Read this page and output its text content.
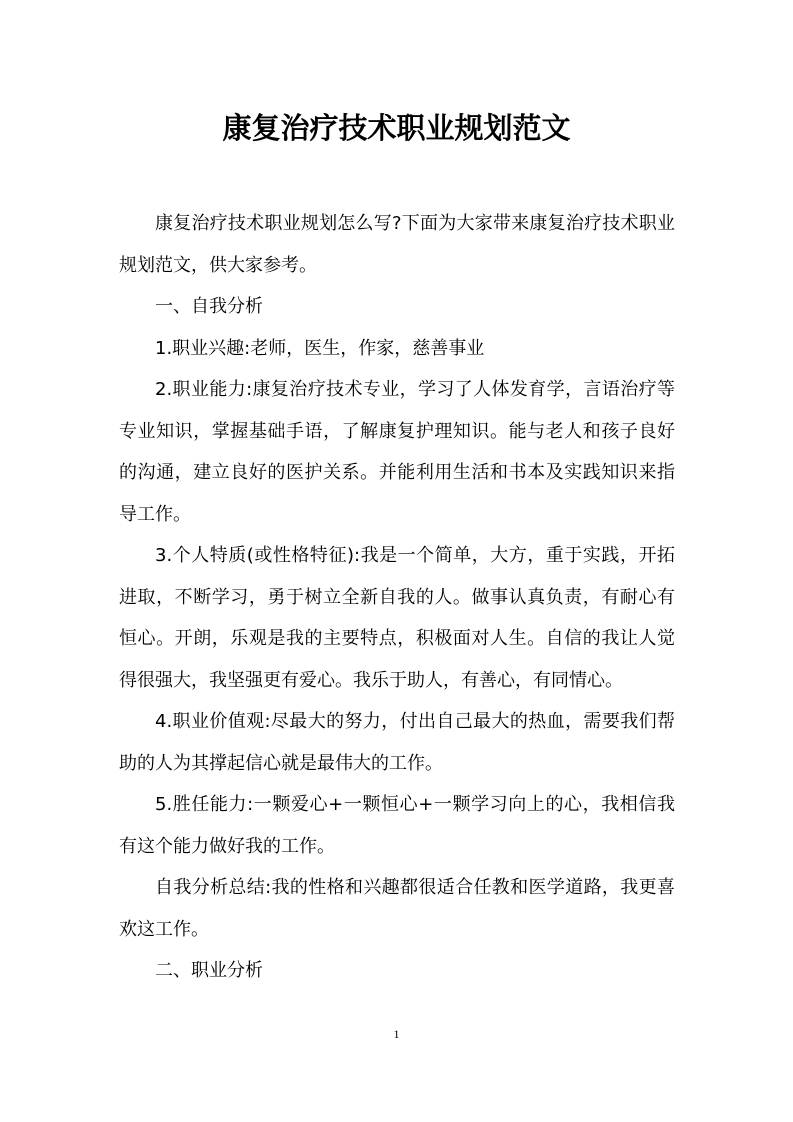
康复治疗技术职业规划范文

康复治疗技术职业规划怎么写?下面为大家带来康复治疗技术职业规划范文，供大家参考。

一、自我分析

1.职业兴趣:老师，医生，作家，慈善事业

2.职业能力:康复治疗技术专业，学习了人体发育学，言语治疗等专业知识，掌握基础手语，了解康复护理知识。能与老人和孩子良好的沟通，建立良好的医护关系。并能利用生活和书本及实践知识来指导工作。

3.个人特质(或性格特征):我是一个简单，大方，重于实践，开拓进取，不断学习，勇于树立全新自我的人。做事认真负责，有耐心有恒心。开朗，乐观是我的主要特点，积极面对人生。自信的我让人觉得很强大，我坚强更有爱心。我乐于助人，有善心，有同情心。

4.职业价值观:尽最大的努力，付出自己最大的热血，需要我们帮助的人为其撑起信心就是最伟大的工作。

5.胜任能力:一颗爱心+一颗恒心+一颗学习向上的心，我相信我有这个能力做好我的工作。

自我分析总结:我的性格和兴趣都很适合任教和医学道路，我更喜欢这工作。

二、职业分析

1
